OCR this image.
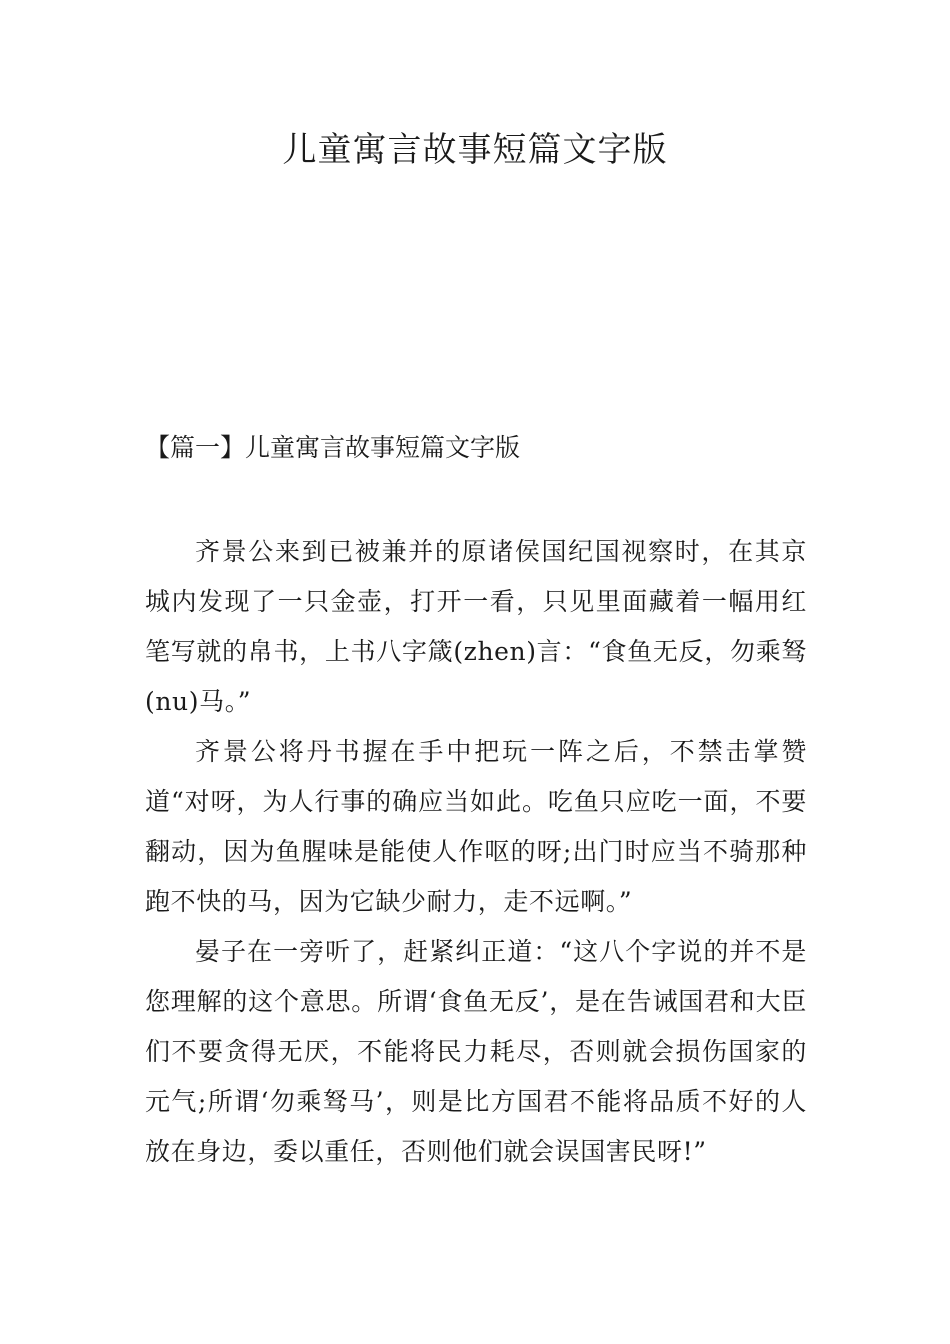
儿童寓言故事短篇文字版
【篇一】儿童寓言故事短篇文字版

齐景公来到已被兼并的原诸侯国纪国视察时，在其京城内发现了一只金壶，打开一看，只见里面藏着一幅用红笔写就的帛书，上书八字箴(zhen)言：“食鱼无反，勿乘驽(nu)马。”

齐景公将丹书握在手中把玩一阵之后，不禁击掌赞道“对呀，为人行事的确应当如此。吃鱼只应吃一面，不要翻动，因为鱼腥味是能使人作呕的呀;出门时应当不骑那种跑不快的马，因为它缺少耐力，走不远啊。”

晏子在一旁听了，赶紧纠正道：“这八个字说的并不是您理解的这个意思。所谓‘食鱼无反’，是在告诫国君和大臣们不要贪得无厌，不能将民力耗尽，否则就会损伤国家的元气;所谓‘勿乘驽马’，则是比方国君不能将品质不好的人放在身边，委以重任，否则他们就会误国害民呀!”
